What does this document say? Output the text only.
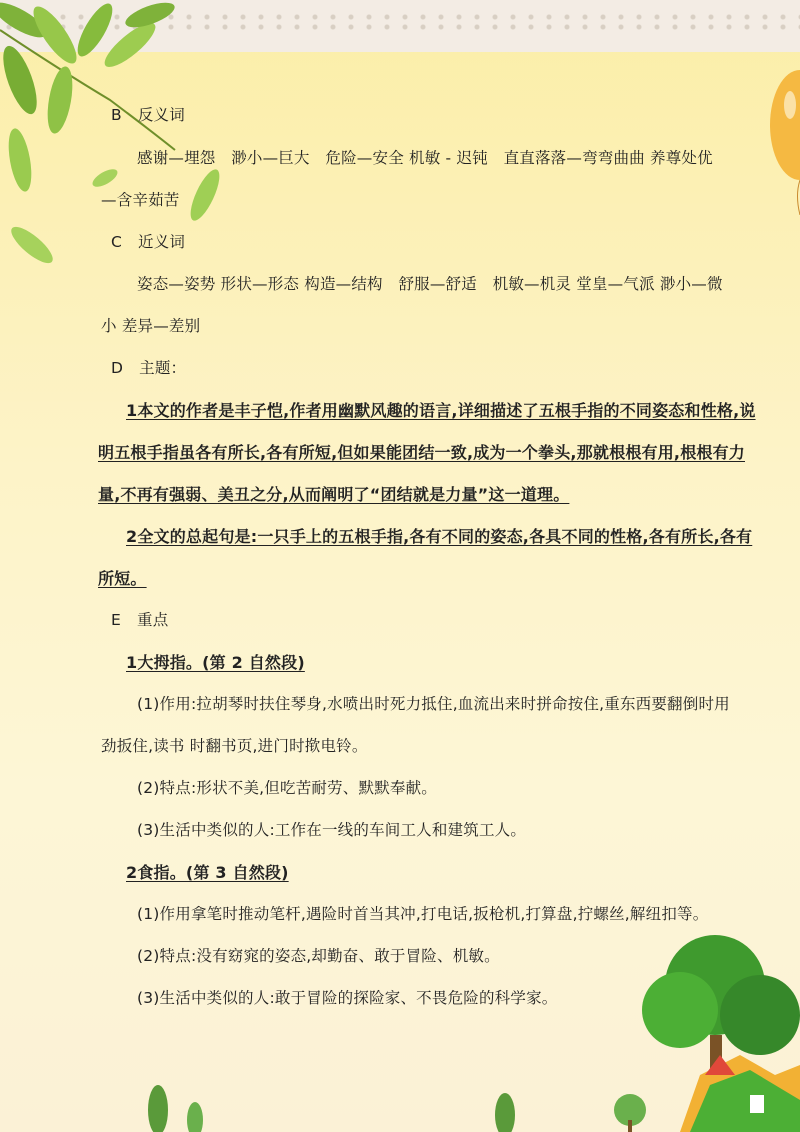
B 反义词
感谢—埋怨　渺小—巨大　危险—安全 机敏 - 迟钝　直直落落—弯弯曲曲 养尊处优
—含辛茹苦
C 近义词
姿态—姿势 形状—形态 构造—结构　舒服—舒适　机敏—机灵 堂皇—气派 渺小—微
小 差异—差别
D 主题：
1本文的作者是丰子恺,作者用幽默风趣的语言,详细描述了五根手指的不同姿态和性格,说
明五根手指虽各有所长,各有所短,但如果能团结一致,成为一个拳头,那就根根有用,根根有力
量,不再有强弱、美丑之分,从而阐明了“团结就是力量”这一道理。
2全文的总起句是:一只手上的五根手指,各有不同的姿态,各具不同的性格,各有所长,各有
所短。
E 重点
1大拇指。(第 2 自然段)
(1)作用:拉胡琴时扶住琴身,水喷出时死力抵住,血流出来时拼命按住,重东西要翻倒时用
劲扳住,读书 时翻书页,进门时揿电铃。
(2)特点:形状不美,但吃苦耐劳、默默奉献。
(3)生活中类似的人:工作在一线的车间工人和建筑工人。
2食指。(第 3 自然段)
(1)作用拿笔时推动笔杆,遇险时首当其冲,打电话,扳枪机,打算盘,拧螺丝,解纽扣等。
(2)特点:没有窈窕的姿态,却勤奋、敢于冒险、机敏。
(3)生活中类似的人:敢于冒险的探险家、不畏危险的科学家。
